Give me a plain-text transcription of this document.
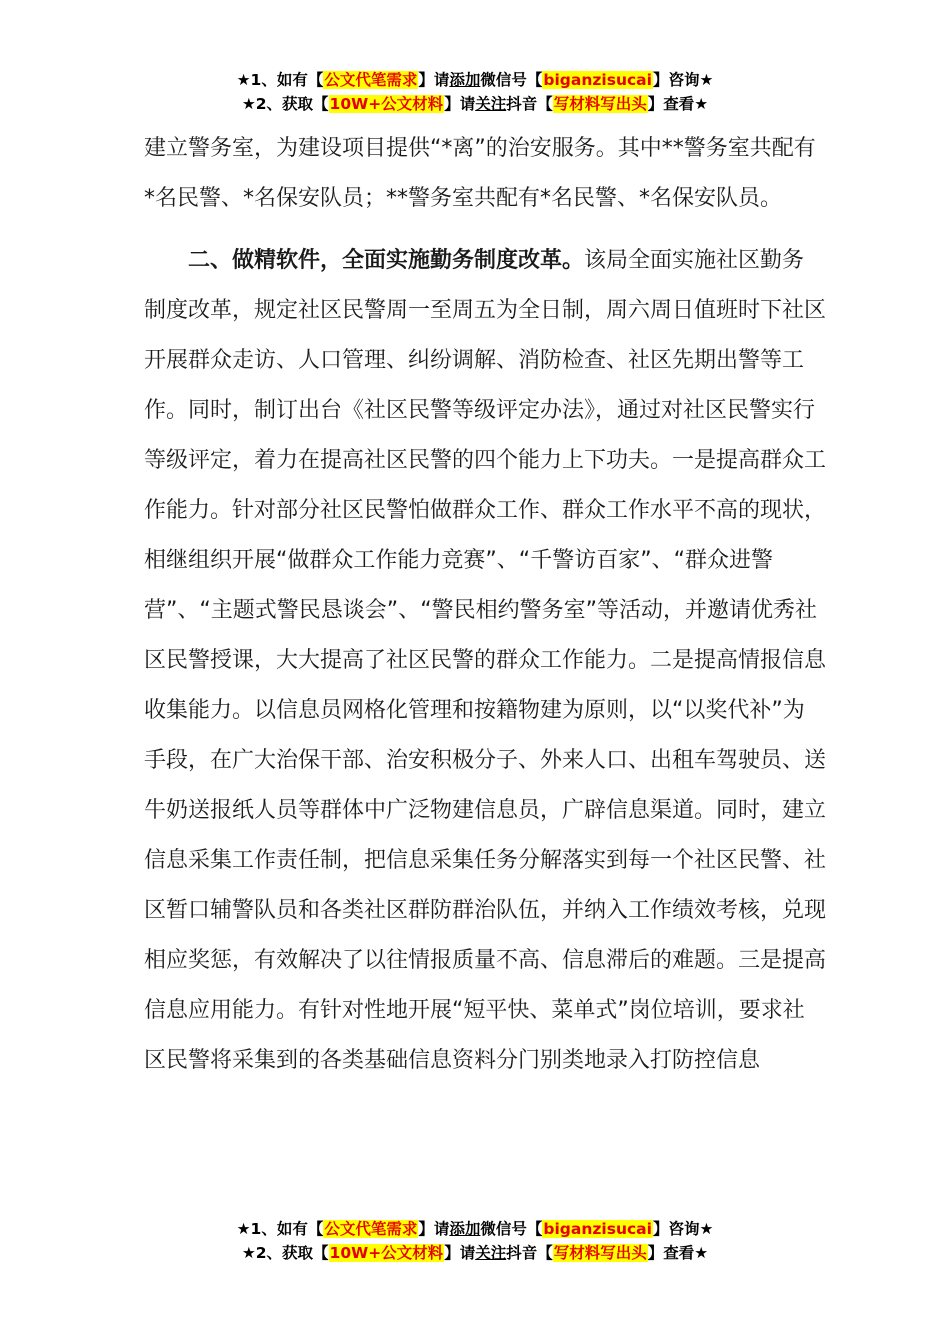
★1、如有【公文代笔需求】请添加微信号【biganzisucai】咨询★
★2、获取【10W+公文材料】请关注抖音【写材料写出头】查看★

建立警务室，为建设项目提供“*离”的治安服务。其中**警务室共配有*名民警、*名保安队员；**警务室共配有*名民警、*名保安队员。

二、做精软件，全面实施勤务制度改革。该局全面实施社区勤务制度改革，规定社区民警周一至周五为全日制，周六周日值班时下社区开展群众走访、人口管理、纠纷调解、消防检查、社区先期出警等工作。同时，制订出台《社区民警等级评定办法》，通过对社区民警实行等级评定，着力在提高社区民警的四个能力上下功夫。一是提高群众工作能力。针对部分社区民警怕做群众工作、群众工作水平不高的现状，相继组织开展“做群众工作能力竞赛”、“千警访百家”、“群众进警营”、“主题式警民恳谈会”、“警民相约警务室”等活动，并邀请优秀社区民警授课，大大提高了社区民警的群众工作能力。二是提高情报信息收集能力。以信息员网格化管理和按籍物建为原则，以“以奖代补”为手段，在广大治保干部、治安积极分子、外来人口、出租车驾驶员、送牛奶送报纸人员等群体中广泛物建信息员，广辟信息渠道。同时，建立信息采集工作责任制，把信息采集任务分解落实到每一个社区民警、社区暂口辅警队员和各类社区群防群治队伍，并纳入工作绩效考核，兑现相应奖惩，有效解决了以往情报质量不高、信息滞后的难题。三是提高信息应用能力。有针对性地开展“短平快、菜单式”岗位培训，要求社区民警将采集到的各类基础信息资料分门别类地录入打防控信息

★1、如有【公文代笔需求】请添加微信号【biganzisucai】咨询★
★2、获取【10W+公文材料】请关注抖音【写材料写出头】查看★
